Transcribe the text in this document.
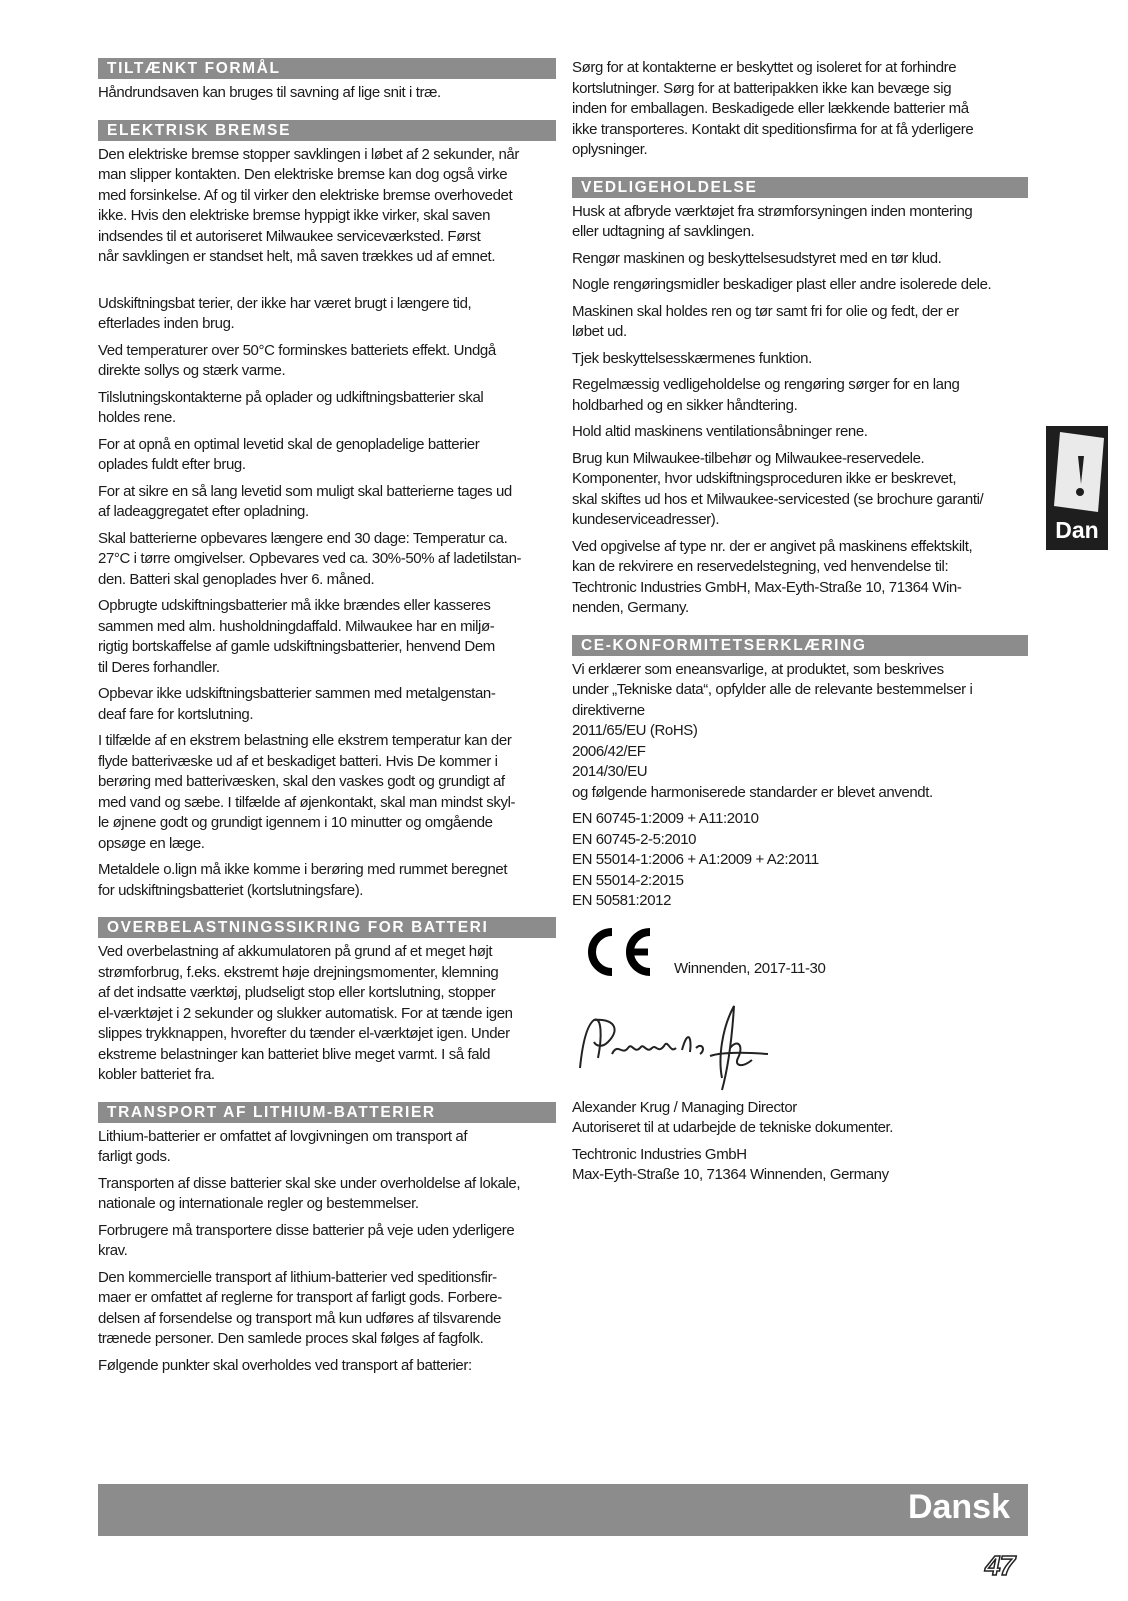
TILTÆNKT FORMÅL
Håndrundsaven kan bruges til savning af lige snit i træ.
ELEKTRISK BREMSE
Den elektriske bremse stopper savklingen i løbet af 2 sekunder, når
man slipper kontakten. Den elektriske bremse kan dog også virke
med forsinkelse. Af og til virker den elektriske bremse overhovedet
ikke. Hvis den elektriske bremse hyppigt ikke virker, skal saven
indsendes til et autoriseret Milwaukee serviceværksted. Først
når savklingen er standset helt, må saven trækkes ud af emnet.
Udskiftningsbat terier, der ikke har været brugt i længere tid,
efterlades inden brug.
Ved temperaturer over 50°C forminskes batteriets effekt. Undgå
direkte sollys og stærk varme.
Tilslutningskontakterne på oplader og udkiftningsbatterier skal
holdes rene.
For at opnå en optimal levetid skal de genopladelige batterier
oplades fuldt efter brug.
For at sikre en så lang levetid som muligt skal batterierne tages ud
af ladeaggregatet efter opladning.
Skal batterierne opbevares længere end 30 dage: Temperatur ca.
27°C i tørre omgivelser. Opbevares ved ca. 30%-50% af ladetilstan-
den. Batteri skal genoplades hver 6. måned.
Opbrugte udskiftningsbatterier må ikke brændes eller kasseres
sammen med alm. husholdningdaffald. Milwaukee har en miljø-
rigtig bortskaffelse af gamle udskiftningsbatterier, henvend Dem
til Deres forhandler.
Opbevar ikke udskiftningsbatterier sammen med metalgenstan-
deaf fare for kortslutning.
I tilfælde af en ekstrem belastning elle ekstrem temperatur kan der
flyde batterivæske ud af et beskadiget batteri. Hvis De kommer i
berøring med batterivæsken, skal den vaskes godt og grundigt af
med vand og sæbe. I tilfælde af øjenkontakt, skal man mindst skyl-
le øjnene godt og grundigt igennem i 10 minutter og omgående
opsøge en læge.
Metaldele o.lign må ikke komme i berøring med rummet beregnet
for udskiftningsbatteriet (kortslutningsfare).
OVERBELASTNINGSSIKRING FOR BATTERI
Ved overbelastning af akkumulatoren på grund af et meget højt
strømforbrug, f.eks. ekstremt høje drejningsmomenter, klemning
af det indsatte værktøj, pludseligt stop eller kortslutning, stopper
el-værktøjet i 2 sekunder og slukker automatisk. For at tænde igen
slippes trykknappen, hvorefter du tænder el-værktøjet igen. Under
ekstreme belastninger kan batteriet blive meget varmt. I så fald
kobler batteriet fra.
TRANSPORT AF LITHIUM-BATTERIER
Lithium-batterier er omfattet af lovgivningen om transport af
farligt gods.
Transporten af disse batterier skal ske under overholdelse af lokale,
nationale og internationale regler og bestemmelser.
Forbrugere må transportere disse batterier på veje uden yderligere
krav.
Den kommercielle transport af lithium-batterier ved speditionsfir-
maer er omfattet af reglerne for transport af farligt gods. Forbere-
delsen af forsendelse og transport må kun udføres af tilsvarende
trænede personer. Den samlede proces skal følges af fagfolk.
Følgende punkter skal overholdes ved transport af batterier:
Sørg for at kontakterne er beskyttet og isoleret for at forhindre
kortslutninger. Sørg for at batteripakken ikke kan bevæge sig
inden for emballagen. Beskadigede eller lækkende batterier må
ikke transporteres. Kontakt dit speditionsfirma for at få yderligere
oplysninger.
VEDLIGEHOLDELSE
Husk at afbryde værktøjet fra strømforsyningen inden montering
eller udtagning af savklingen.
Rengør maskinen og beskyttelsesudstyret med en tør klud.
Nogle rengøringsmidler beskadiger plast eller andre isolerede dele.
Maskinen skal holdes ren og tør samt fri for olie og fedt, der er
løbet ud.
Tjek beskyttelsesskærmenes funktion.
Regelmæssig vedligeholdelse og rengøring sørger for en lang
holdbarhed og en sikker håndtering.
Hold altid maskinens ventilationsåbninger rene.
Brug kun Milwaukee-tilbehør og Milwaukee-reservedele.
Komponenter, hvor udskiftningsproceduren ikke er beskrevet,
skal skiftes ud hos et Milwaukee-servicested (se brochure garanti/
kundeserviceadresser).
Ved opgivelse af type nr. der er angivet på maskinens effektskilt,
kan de rekvirere en reservedelstegning, ved henvendelse til:
Techtronic Industries GmbH, Max-Eyth-Straße 10, 71364 Win-
nenden, Germany.
CE-KONFORMITETSERKLÆRING
Vi erklærer som eneansvarlige, at produktet, som beskrives
under „Tekniske data“, opfylder alle de relevante bestemmelser i
direktiverne
2011/65/EU (RoHS)
2006/42/EF
2014/30/EU
og følgende harmoniserede standarder er blevet anvendt.
EN 60745-1:2009 + A11:2010
EN 60745-2-5:2010
EN 55014-1:2006 + A1:2009 + A2:2011
EN 55014-2:2015
EN 50581:2012
Winnenden, 2017-11-30
Alexander Krug / Managing Director
Autoriseret til at udarbejde de tekniske dokumenter.
Techtronic Industries GmbH
Max-Eyth-Straße 10, 71364 Winnenden, Germany
Dan
Dansk
47
